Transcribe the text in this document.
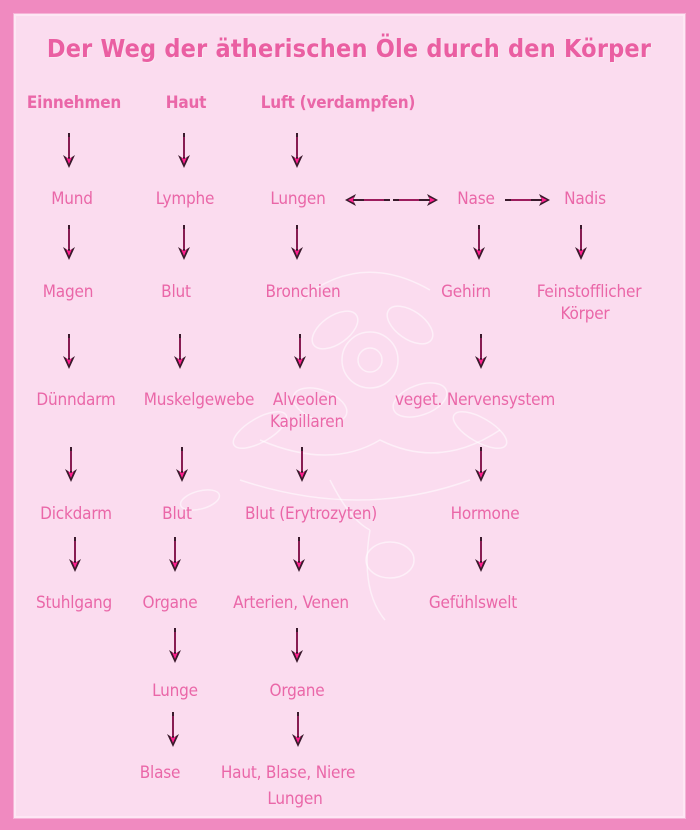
Der Weg der ätherischen Öle durch den Körper
Einnehmen	Haut	Luft (verdampfen)
Mund
Magen
Dünndarm
Dickdarm
Stuhlgang
Lymphe
Blut
Muskelgewebe
Blut
Organe
Lunge
Blase
Lungen
Bronchien
Alveolen
Kapillaren
Blut (Erytrozyten)
Arterien, Venen
Organe
Haut, Blase, Niere
Lungen
Nase
Gehirn
veget. Nervensystem
Hormone
Gefühlswelt
Nadis
Feinstofflicher
Körper
